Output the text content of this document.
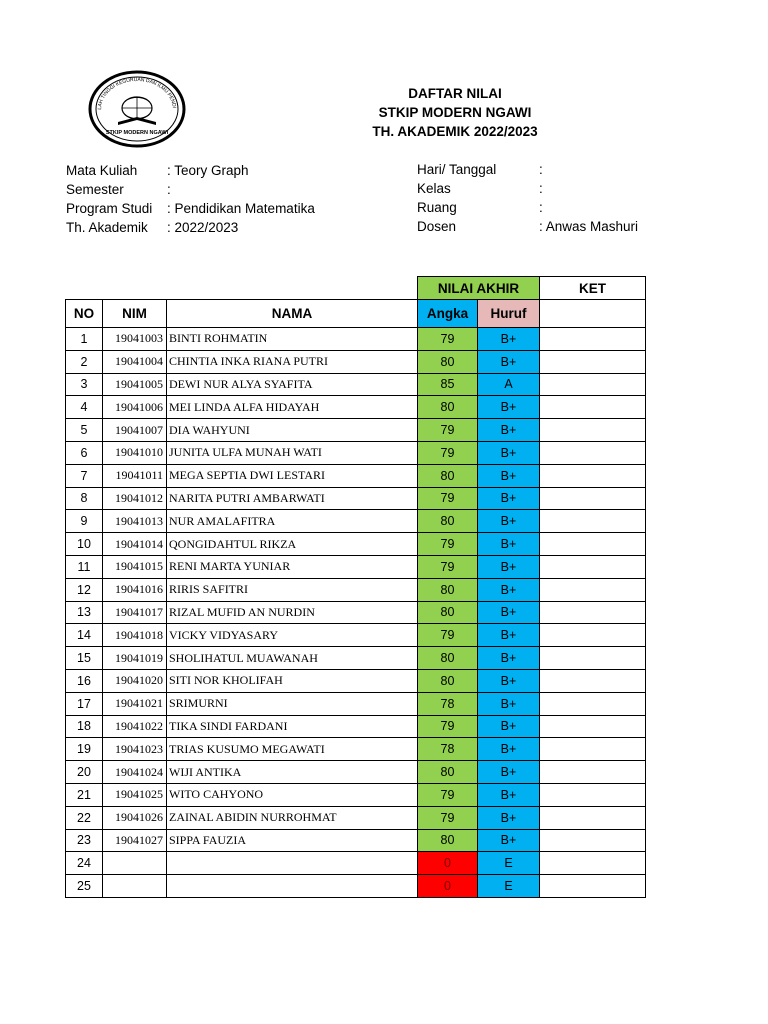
LAH TINGGI KEGURUAN DAN ILMU PENDI
STKIP MODERN NGAWI
DAFTAR NILAI
STKIP MODERN NGAWI
TH. AKADEMIK 2022/2023
Mata Kuliah : Teory Graph
Semester	:
Program Studi : Pendidikan Matematika
Th. Akademik : 2022/2023
Hari/ Tanggal	:
Kelas	:
Ruang	:
Dosen	: Anwas Mashuri
			NILAI AKHIR		KET
NO	NIM	NAMA	Angka	Huruf	
1	19041003	BINTI ROHMATIN	79	B+	
2	19041004	CHINTIA INKA RIANA PUTRI	80	B+	
3	19041005	DEWI NUR ALYA SYAFITA	85	A	
4	19041006	MEI LINDA ALFA HIDAYAH	80	B+	
5	19041007	DIA WAHYUNI	79	B+	
6	19041010	JUNITA ULFA MUNAH WATI	79	B+	
7	19041011	MEGA SEPTIA DWI LESTARI	80	B+	
8	19041012	NARITA PUTRI AMBARWATI	79	B+	
9	19041013	NUR AMALAFITRA	80	B+	
10	19041014	QONGIDAHTUL RIKZA	79	B+	
11	19041015	RENI MARTA YUNIAR	79	B+	
12	19041016	RIRIS SAFITRI	80	B+	
13	19041017	RIZAL MUFID AN NURDIN	80	B+	
14	19041018	VICKY VIDYASARY	79	B+	
15	19041019	SHOLIHATUL MUAWANAH	80	B+	
16	19041020	SITI NOR KHOLIFAH	80	B+	
17	19041021	SRIMURNI	78	B+	
18	19041022	TIKA SINDI FARDANI	79	B+	
19	19041023	TRIAS KUSUMO MEGAWATI	78	B+	
20	19041024	WIJI ANTIKA	80	B+	
21	19041025	WITO CAHYONO	79	B+	
22	19041026	ZAINAL ABIDIN NURROHMAT	79	B+	
23	19041027	SIPPA FAUZIA	80	B+	
24			0	E	
25			0	E	
